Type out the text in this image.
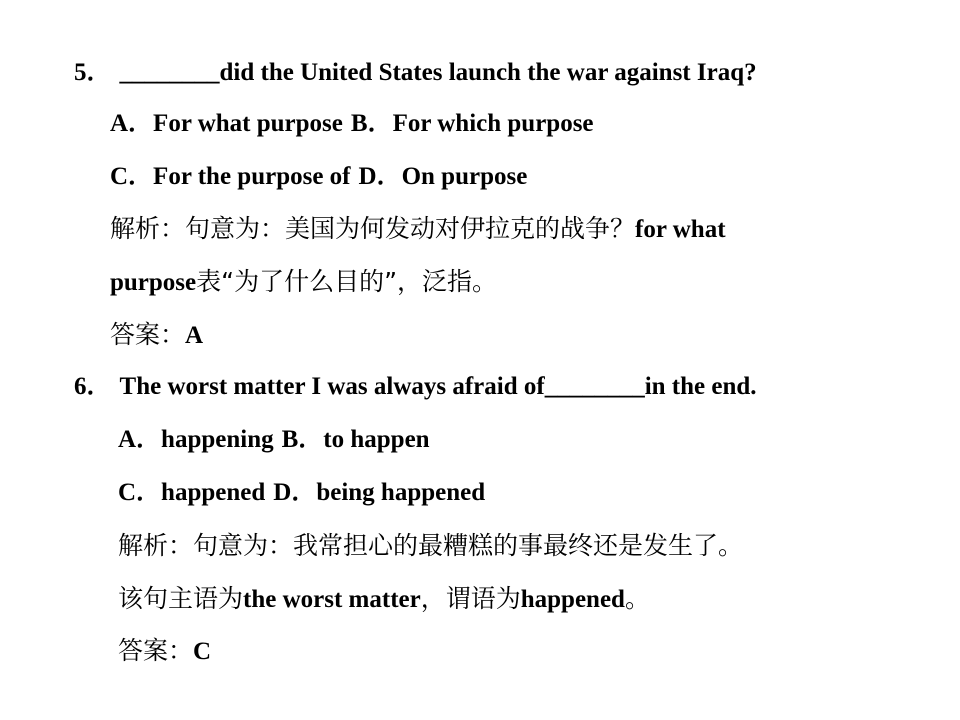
5． ________did the United States launch the war against Iraq?
A．For what purpose B．For which purpose
C．For the purpose of D．On purpose
解析：句意为：美国为何发动对伊拉克的战争？for what
purpose表“为了什么目的”，泛指。
答案：A
6． The worst matter I was always afraid of________in the end.
A．happening B．to happen
C．happened D．being happened
解析：句意为：我常担心的最糟糕的事最终还是发生了。
该句主语为the worst matter，谓语为happened。
答案：C
